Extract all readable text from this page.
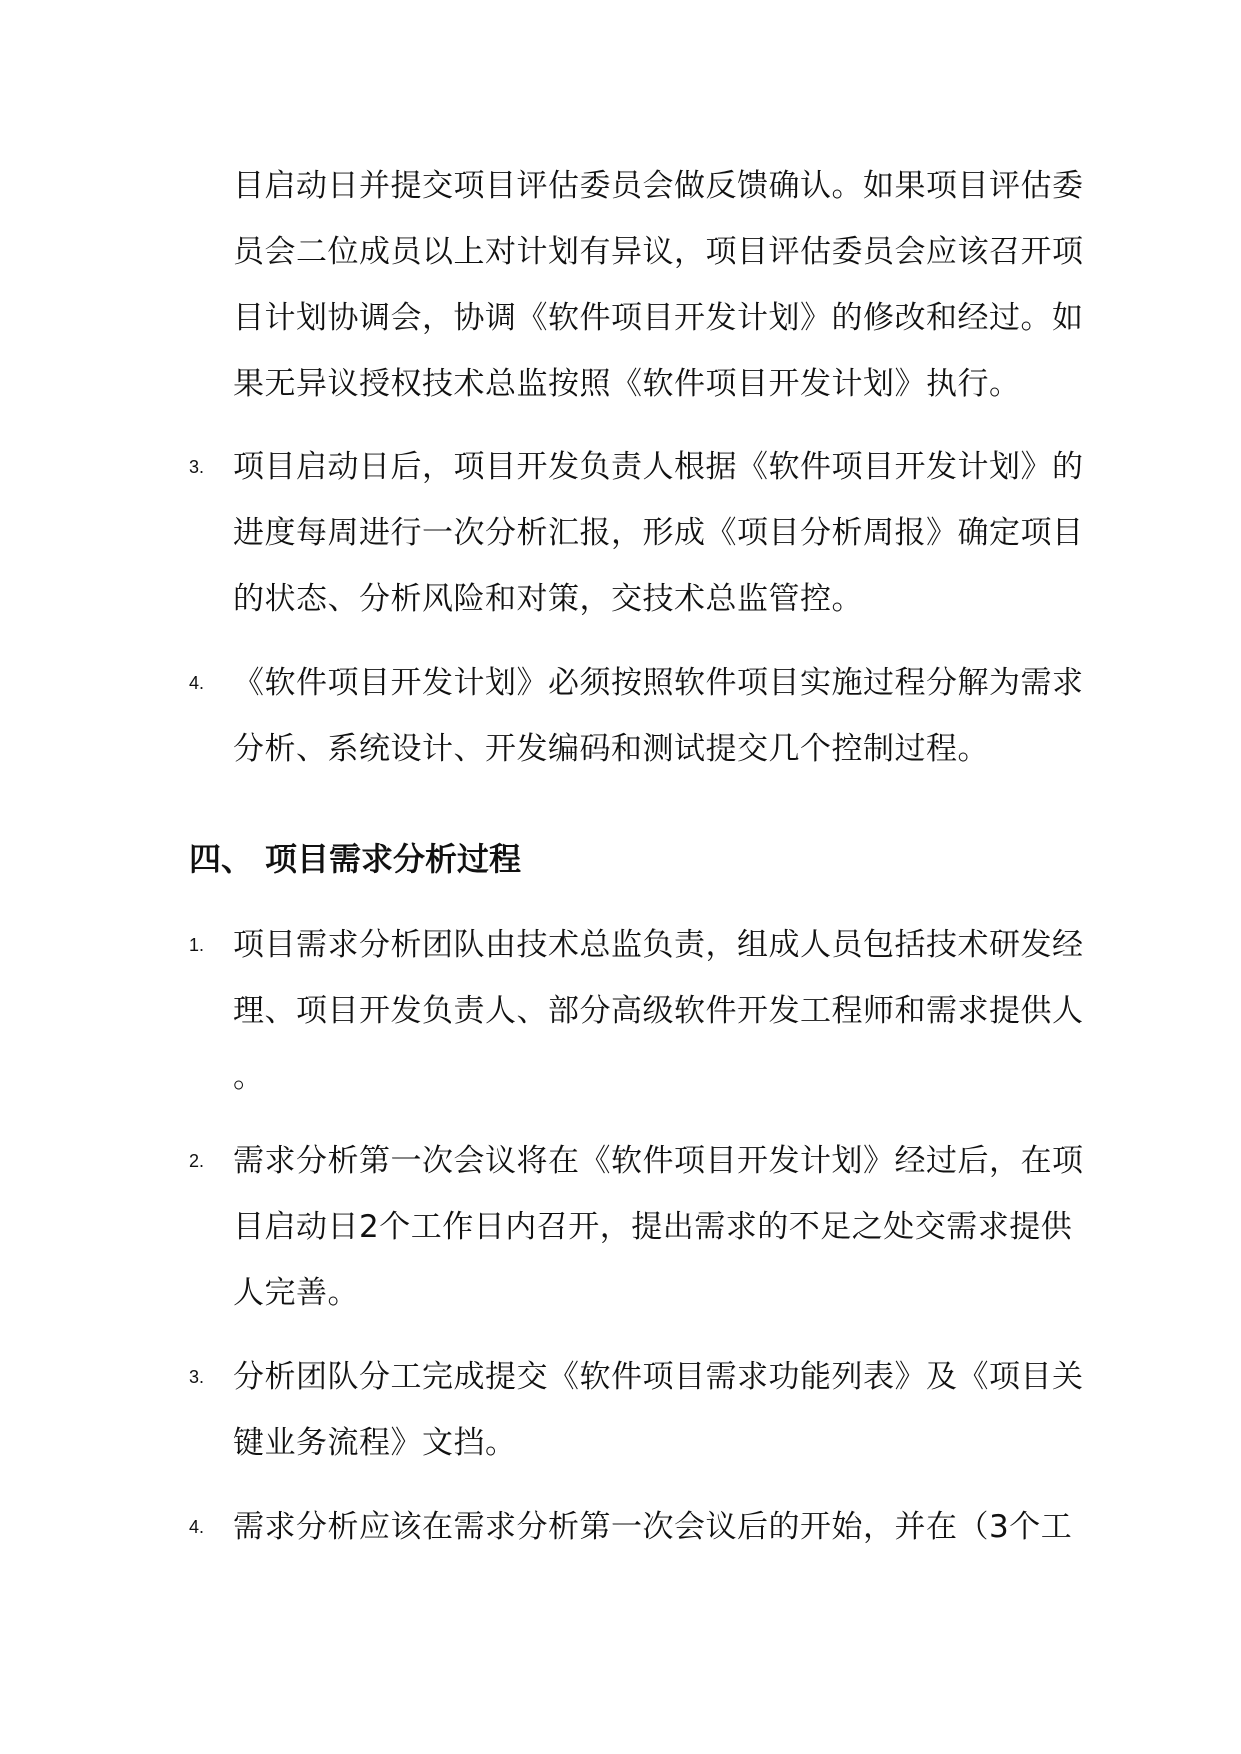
目启动日并提交项目评估委员会做反馈确认。如果项目评估委
员会二位成员以上对计划有异议，项目评估委员会应该召开项
目计划协调会，协调《软件项目开发计划》的修改和经过。如
果无异议授权技术总监按照《软件项目开发计划》执行。

3. 项目启动日后，项目开发负责人根据《软件项目开发计划》的
进度每周进行一次分析汇报，形成《项目分析周报》确定项目
的状态、分析风险和对策，交技术总监管控。

4. 《软件项目开发计划》必须按照软件项目实施过程分解为需求
分析、系统设计、开发编码和测试提交几个控制过程。

四、 项目需求分析过程
1. 项目需求分析团队由技术总监负责，组成人员包括技术研发经
理、项目开发负责人、部分高级软件开发工程师和需求提供人
。

2. 需求分析第一次会议将在《软件项目开发计划》经过后，在项
目启动日2个工作日内召开，提出需求的不足之处交需求提供
人完善。

3. 分析团队分工完成提交《软件项目需求功能列表》及《项目关
键业务流程》文挡。

4. 需求分析应该在需求分析第一次会议后的开始，并在（3个工
